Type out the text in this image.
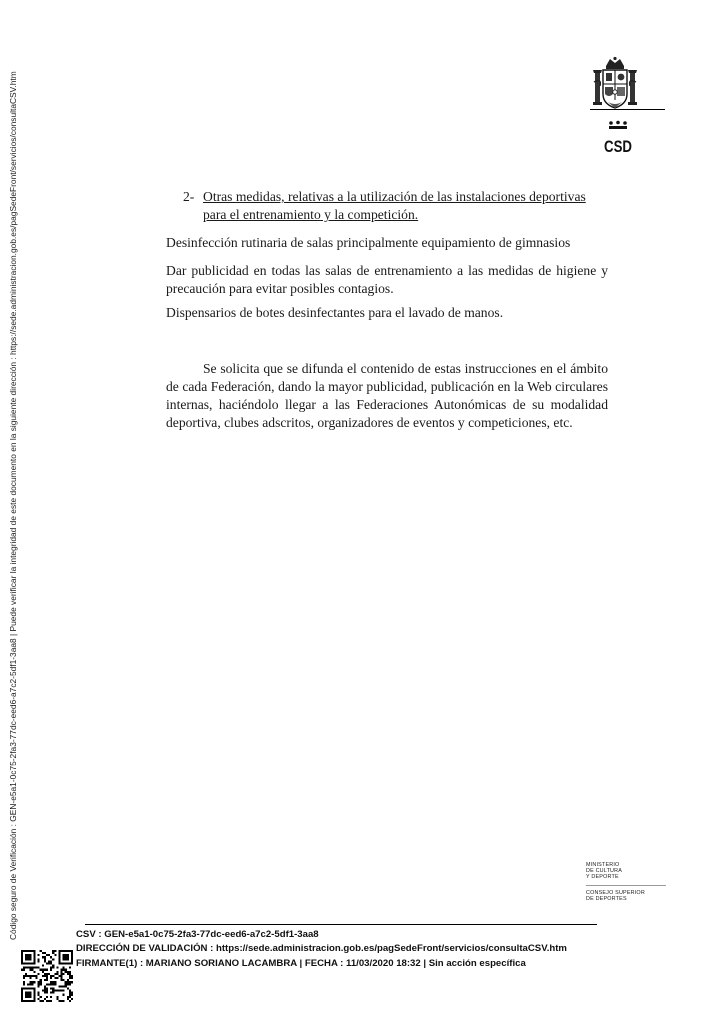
Código seguro de Verificación : GEN-e5a1-0c75-2fa3-77dc-eed6-a7c2-5df1-3aa8 | Puede verificar la integridad de este documento en la siguiente dirección : https://sede.administracion.gob.es/pagSedeFront/servicios/consultaCSV.htm	CSD
2- Otras medidas, relativas a la utilización de las instalaciones deportivas para el entrenamiento y la competición.

Desinfección rutinaria de salas principalmente equipamiento de gimnasios

Dar publicidad en todas las salas de entrenamiento a las medidas de higiene y precaución para evitar posibles contagios.

Dispensarios de botes desinfectantes para el lavado de manos.

Se solicita que se difunda el contenido de estas instrucciones en el ámbito de cada Federación, dando la mayor publicidad, publicación en la Web circulares internas, haciéndolo llegar a las Federaciones Autonómicas de su modalidad deportiva, clubes adscritos, organizadores de eventos y competiciones, etc.

MINISTERIO
DE CULTURA
Y DEPORTE
CONSEJO SUPERIOR
DE DEPORTES
CSV : GEN-e5a1-0c75-2fa3-77dc-eed6-a7c2-5df1-3aa8
DIRECCIÓN DE VALIDACIÓN : https://sede.administracion.gob.es/pagSedeFront/servicios/consultaCSV.htm
FIRMANTE(1) : MARIANO SORIANO LACAMBRA | FECHA : 11/03/2020 18:32 | Sin acción específica
